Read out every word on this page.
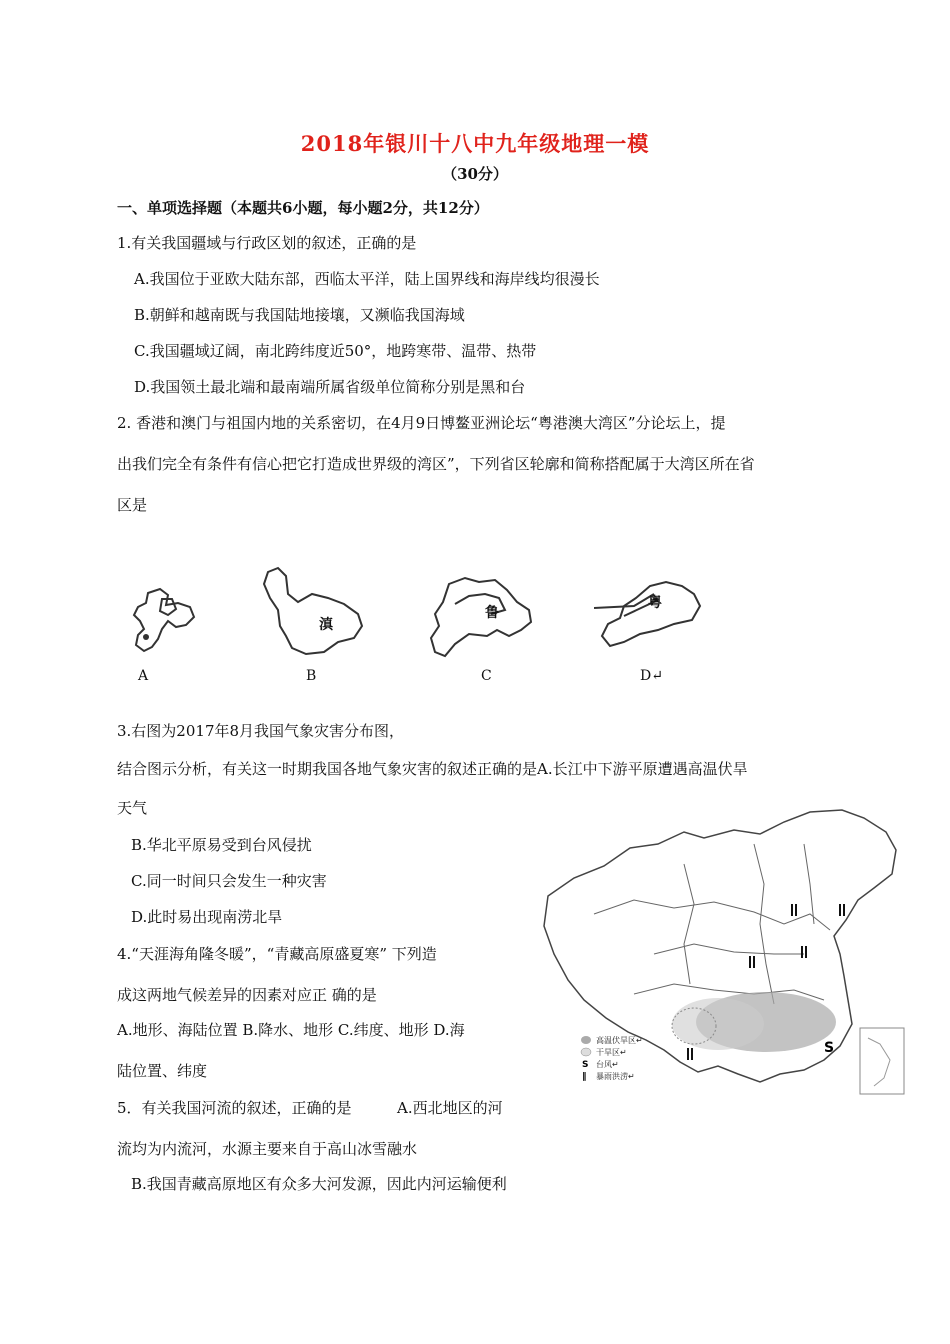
2018年银川十八中九年级地理一模
（30分）
一、单项选择题（本题共6小题，每小题2分，共12分）
1.有关我国疆域与行政区划的叙述，正确的是
A.我国位于亚欧大陆东部，西临太平洋，陆上国界线和海岸线均很漫长
B.朝鲜和越南既与我国陆地接壤，又濒临我国海域
C.我国疆域辽阔，南北跨纬度近50°，地跨寒带、温带、热带
D.我国领土最北端和最南端所属省级单位简称分别是黑和台
2. 香港和澳门与祖国内地的关系密切，在4月9日博鳌亚洲论坛“粤港澳大湾区”分论坛上，提
出我们完全有条件有信心把它打造成世界级的湾区”，下列省区轮廓和简称搭配属于大湾区所在省
区是
滇
鲁
粤
A	B	C	D↵
3.右图为2017年8月我国气象灾害分布图，
结合图示分析，有关这一时期我国各地气象灾害的叙述正确的是A.长江中下游平原遭遇高温伏旱
天气
B.华北平原易受到台风侵扰
C.同一时间只会发生一种灾害
D.此时易出现南涝北旱
S
高温伏旱区↵
干旱区↵
S 台风↵
‖ 暴雨洪涝↵
4.“天涯海角隆冬暖”，“青藏高原盛夏寒” 下列造
成这两地气候差异的因素对应正 确的是
A.地形、海陆位置 B.降水、地形 C.纬度、地形 D.海
陆位置、纬度
5．有关我国河流的叙述，正确的是	A.西北地区的河
流均为内流河，水源主要来自于高山冰雪融水
B.我国青藏高原地区有众多大河发源，因此内河运输便利
